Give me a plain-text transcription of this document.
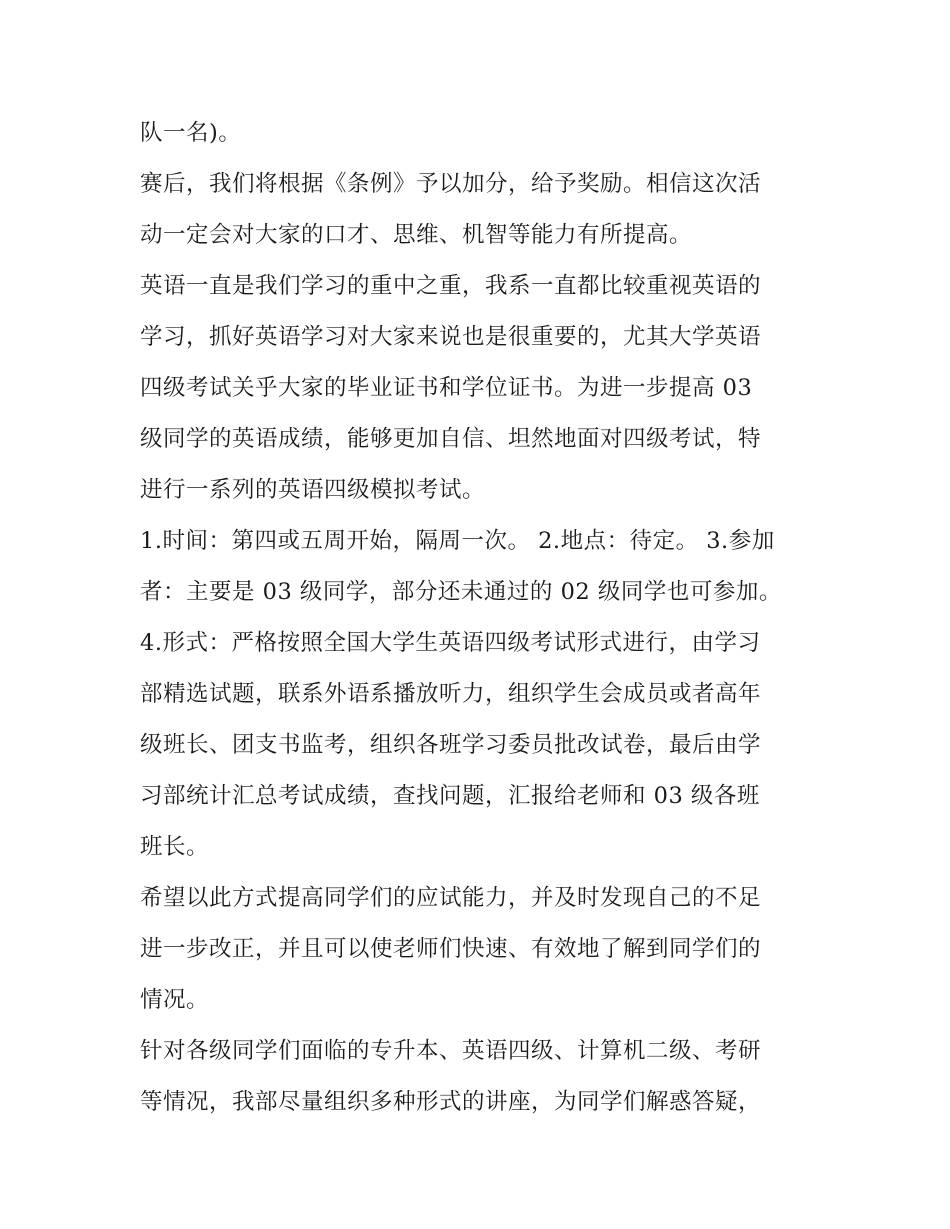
队一名)。
赛后，我们将根据《条例》予以加分，给予奖励。相信这次活
动一定会对大家的口才、思维、机智等能力有所提高。
英语一直是我们学习的重中之重，我系一直都比较重视英语的
学习，抓好英语学习对大家来说也是很重要的，尤其大学英语
四级考试关乎大家的毕业证书和学位证书。为进一步提高 03
级同学的英语成绩，能够更加自信、坦然地面对四级考试，特
进行一系列的英语四级模拟考试。
1.时间：第四或五周开始，隔周一次。 2.地点：待定。 3.参加
者：主要是 03 级同学，部分还未通过的 02 级同学也可参加。
4.形式：严格按照全国大学生英语四级考试形式进行，由学习
部精选试题，联系外语系播放听力，组织学生会成员或者高年
级班长、团支书监考，组织各班学习委员批改试卷，最后由学
习部统计汇总考试成绩，查找问题，汇报给老师和 03 级各班
班长。
希望以此方式提高同学们的应试能力，并及时发现自己的不足
进一步改正，并且可以使老师们快速、有效地了解到同学们的
情况。
针对各级同学们面临的专升本、英语四级、计算机二级、考研
等情况，我部尽量组织多种形式的讲座，为同学们解惑答疑，
